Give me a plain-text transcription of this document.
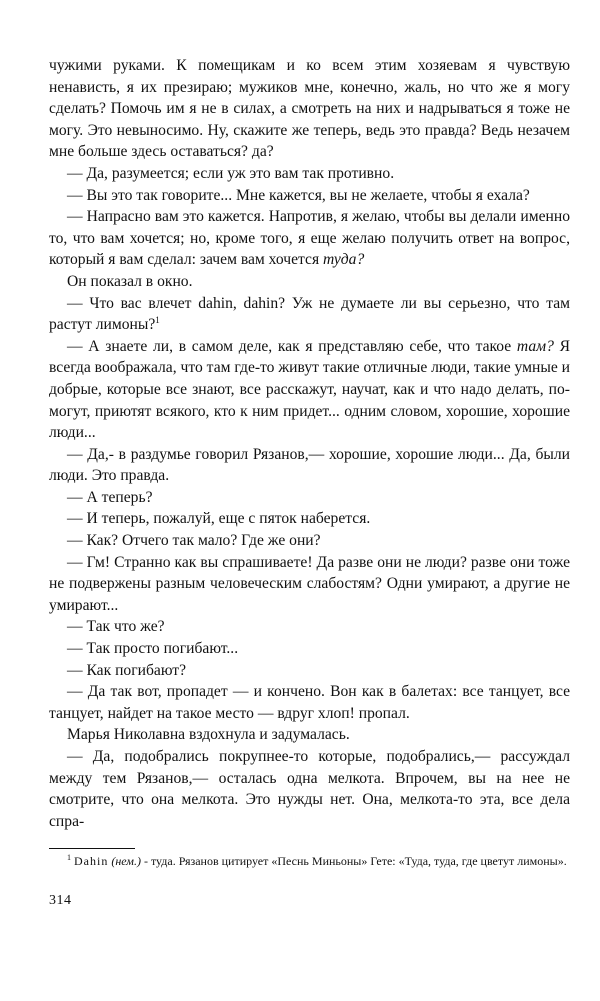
чужими руками. К помещикам и ко всем этим хозяевам я чувствую ненависть, я их презираю; мужиков мне, конечно, жаль, но что же я могу сделать? Помочь им я не в силах, а смотреть на них и надрываться я тоже не могу. Это невыносимо. Ну, скажите же теперь, ведь это правда? Ведь незачем мне больше здесь оставаться? да?

— Да, разумеется; если уж это вам так противно.

— Вы это так говорите... Мне кажется, вы не желаете, чтобы я ехала?

— Напрасно вам это кажется. Напротив, я желаю, чтобы вы делали именно то, что вам хочется; но, кроме того, я еще желаю получить ответ на вопрос, который я вам сделал: зачем вам хочется туда?

Он показал в окно.

— Что вас влечет dahin, dahin? Уж не думаете ли вы серьезно, что там растут лимоны?$^1$

— А знаете ли, в самом деле, как я представляю себе, что такое там? Я всегда воображала, что там где-то живут такие отличные люди, такие умные и добрые, которые все знают, все расскажут, научат, как и что надо делать, помогут, приютят всякого, кто к ним придет... одним словом, хорошие, хорошие люди...

— Да,- в раздумье говорил Рязанов,— хорошие, хорошие люди... Да, были люди. Это правда.

— А теперь?

— И теперь, пожалуй, еще с пяток наберется.

— Как? Отчего так мало? Где же они?

— Гм! Странно как вы спрашиваете! Да разве они не люди? разве они тоже не подвержены разным человеческим слабостям? Одни умирают, а другие не умирают...

— Так что же?

— Так просто погибают...

— Как погибают?

— Да так вот, пропадет — и кончено. Вон как в балетах: все танцует, все танцует, найдет на такое место — вдруг хлоп! пропал.

Марья Николавна вздохнула и задумалась.

— Да, подобрались покрупнее-то которые, подобрались,— рассуждал между тем Рязанов,— осталась одна мелкота. Впрочем, вы на нее не смотрите, что она мелкота. Это нужды нет. Она, мелкота-то эта, все дела спра-

$^1$ Dahin (нем.) - туда. Рязанов цитирует «Песнь Миньоны» Гете: «Туда, туда, где цветут лимоны».

314
